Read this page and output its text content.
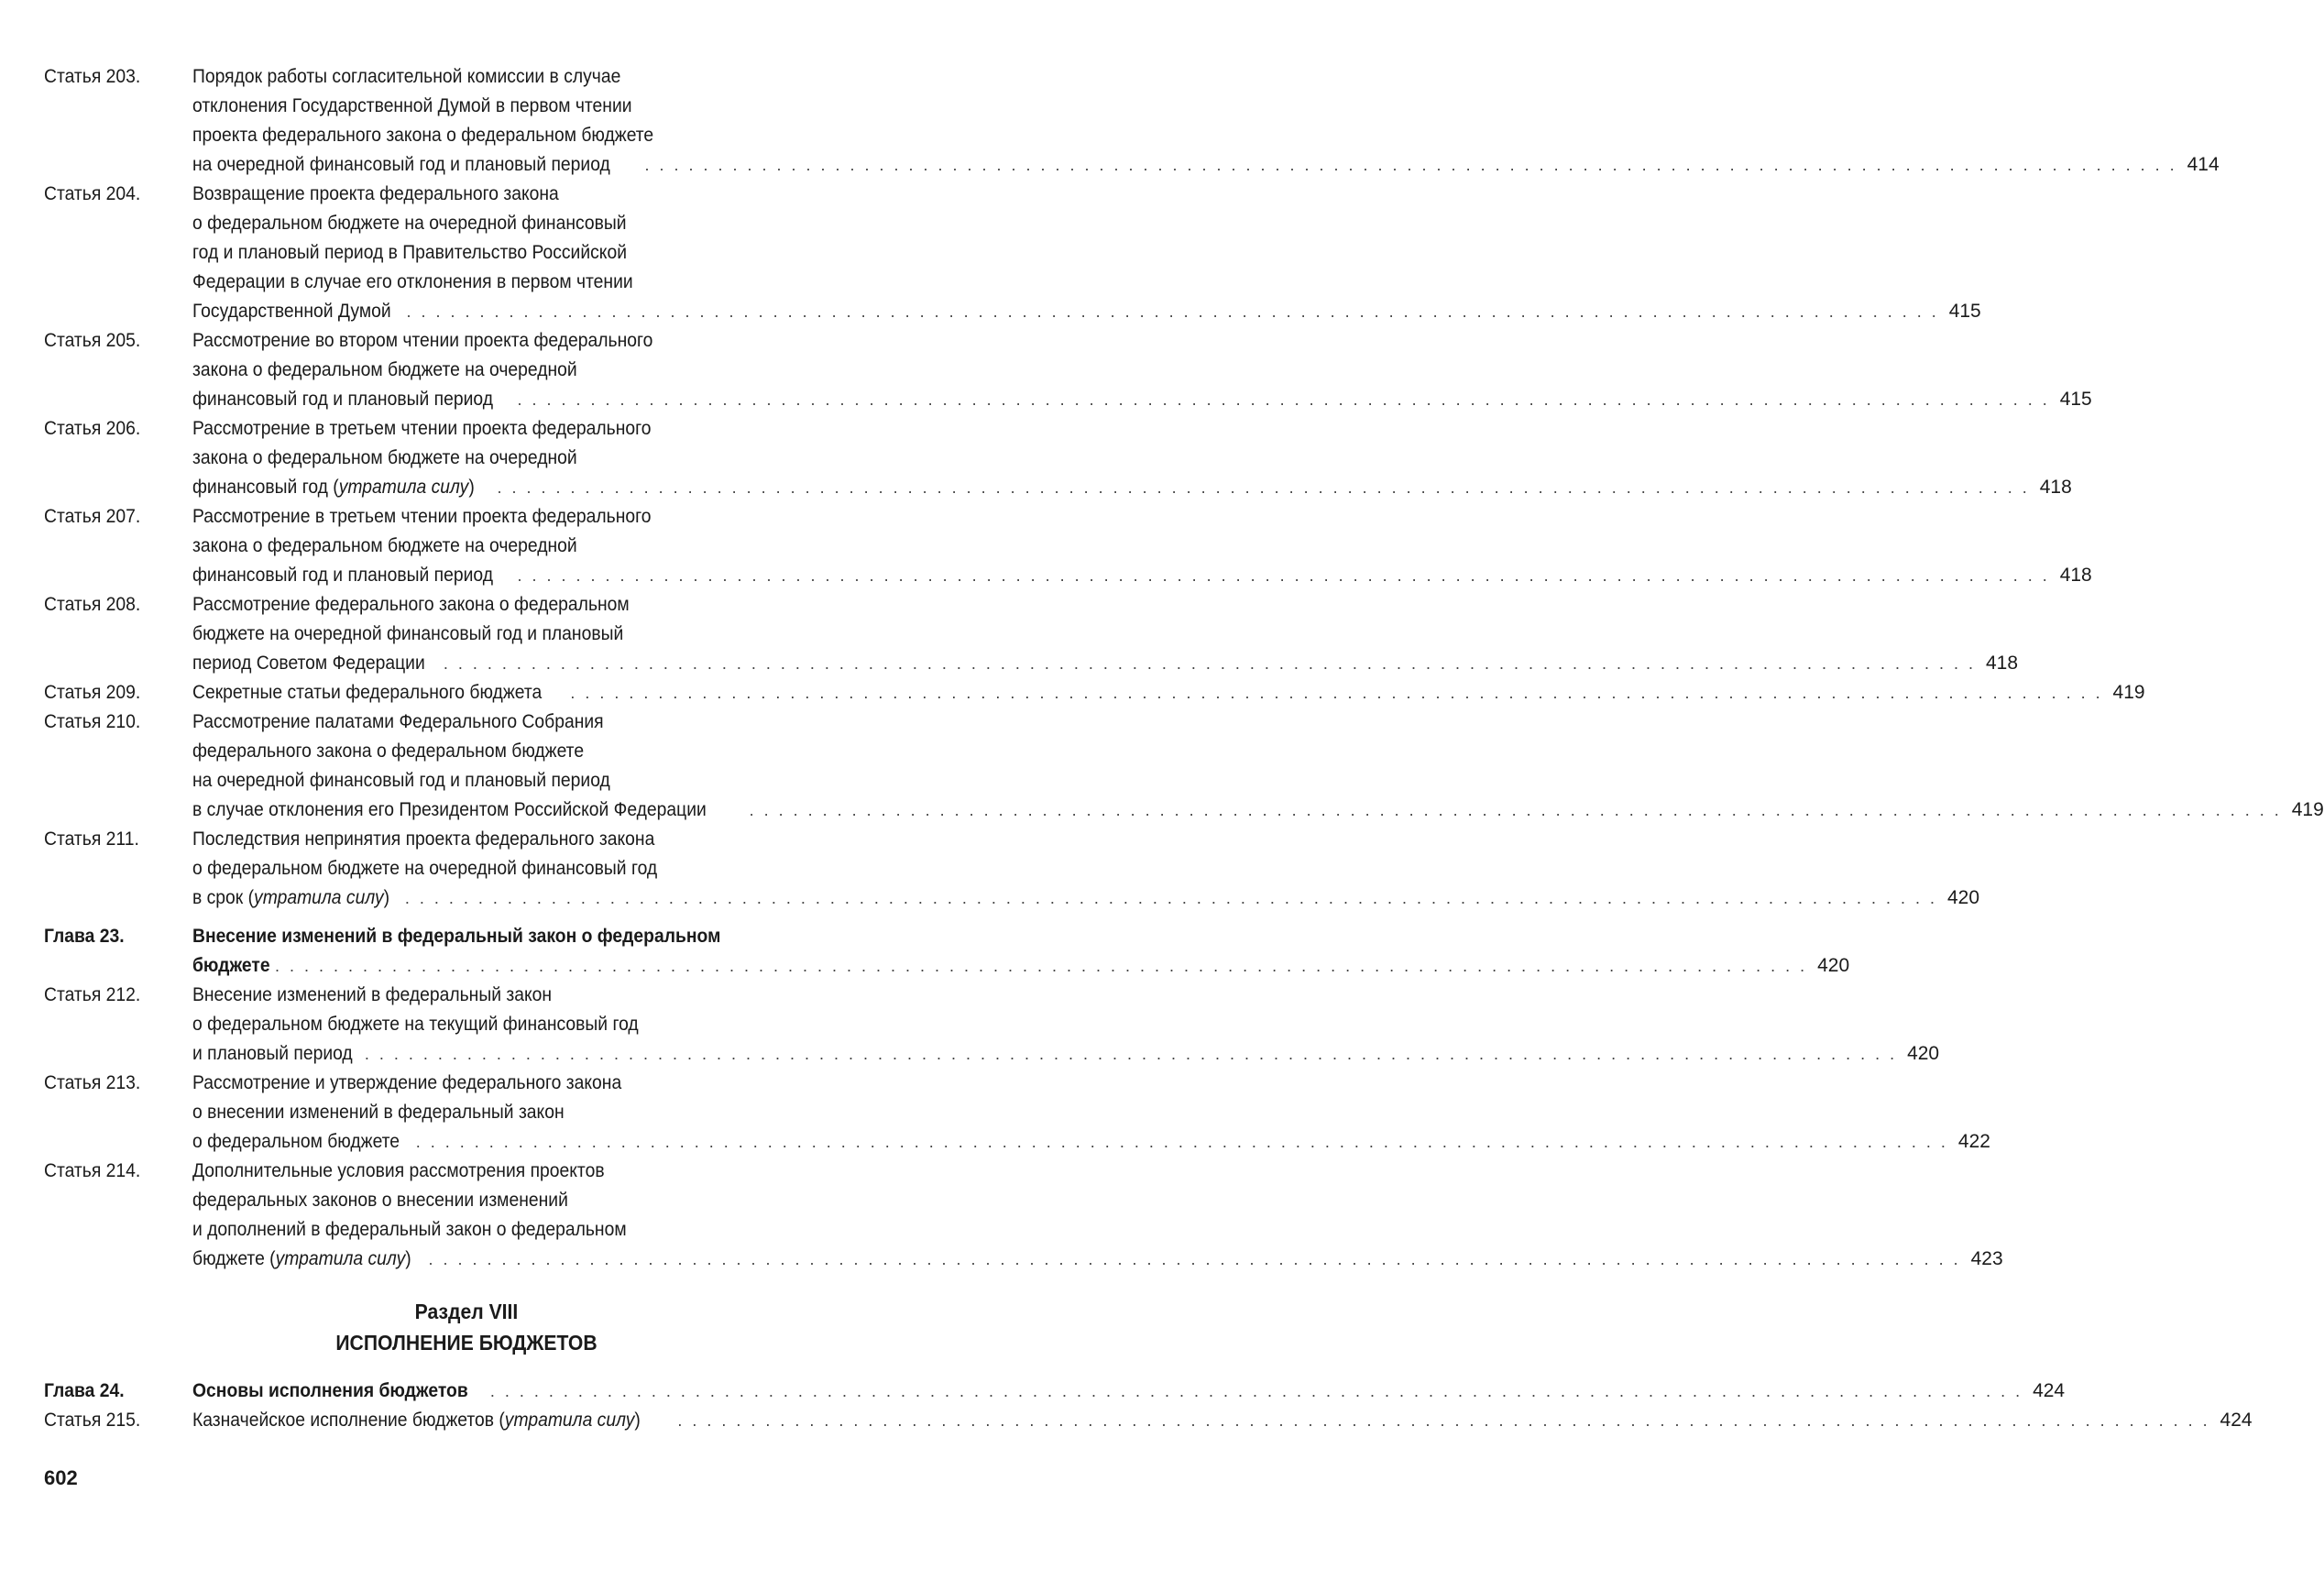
Статья 203.	Порядок работы согласительной комиссии в случае
отклонения Государственной Думой в первом чтении
проекта федерального закона о федеральном бюджете
на очередной финансовый год и плановый период . . .	414
Статья 204.	Возвращение проекта федерального закона
о федеральном бюджете на очередной финансовый
год и плановый период в Правительство Российской
Федерации в случае его отклонения в первом чтении
Государственной Думой . . .	415
Статья 205.	Рассмотрение во втором чтении проекта федерального
закона о федеральном бюджете на очередной
финансовый год и плановый период . . .	415
Статья 206.	Рассмотрение в третьем чтении проекта федерального
закона о федеральном бюджете на очередной
финансовый год (утратила силу) . . .	418
Статья 207.	Рассмотрение в третьем чтении проекта федерального
закона о федеральном бюджете на очередной
финансовый год и плановый период . . .	418
Статья 208.	Рассмотрение федерального закона о федеральном
бюджете на очередной финансовый год и плановый
период Советом Федерации . . .	418
Статья 209.	Секретные статьи федерального бюджета . . .	419
Статья 210.	Рассмотрение палатами Федерального Собрания
федерального закона о федеральном бюджете
на очередной финансовый год и плановый период
в случае отклонения его Президентом Российской Федерации . . .	419
Статья 211.	Последствия непринятия проекта федерального закона
о федеральном бюджете на очередной финансовый год
в срок (утратила силу) . . .	420
Глава 23.	Внесение изменений в федеральный закон о федеральном
бюджете . . .	420
Статья 212.	Внесение изменений в федеральный закон
о федеральном бюджете на текущий финансовый год
и плановый период . . .	420
Статья 213.	Рассмотрение и утверждение федерального закона
о внесении изменений в федеральный закон
о федеральном бюджете . . .	422
Статья 214.	Дополнительные условия рассмотрения проектов
федеральных законов о внесении изменений
и дополнений в федеральный закон о федеральном
бюджете (утратила силу) . . .	423
Раздел VIII
ИСПОЛНЕНИЕ БЮДЖЕТОВ
Глава 24.	Основы исполнения бюджетов . . .	424
Статья 215.	Казначейское исполнение бюджетов (утратила силу) . . .	424
602
